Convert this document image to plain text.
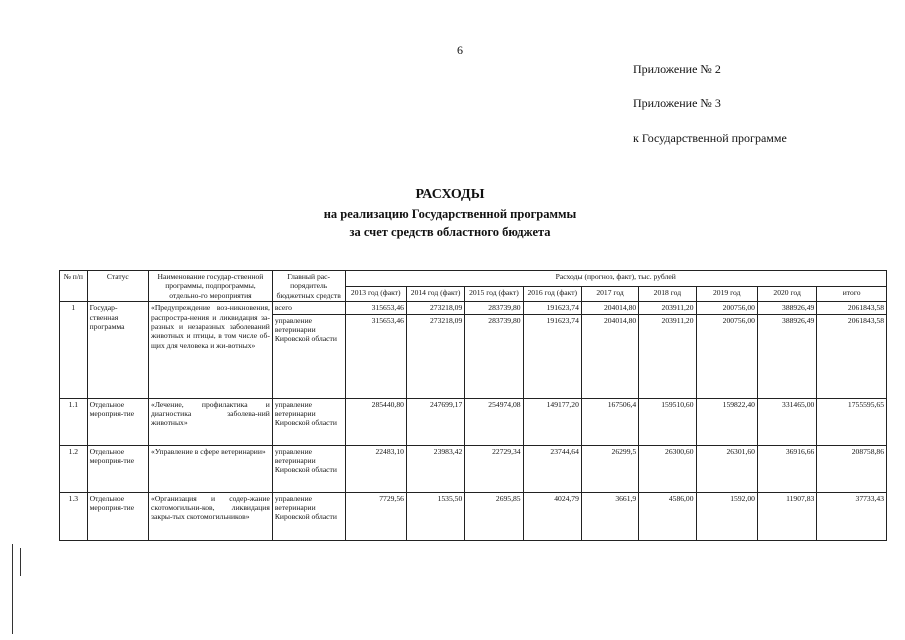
6
Приложение № 2
Приложение № 3
к Государственной программе
РАСХОДЫ
на реализацию Государственной программы
за счет средств областного бюджета
№ п/п	Статус	Наименование государ-ственной программы, подпрограммы, отдельно-го мероприятия	Главный рас-порядитель бюджетных средств	Расходы (прогноз, факт), тыс. рублей								
				2013 год (факт)	2014 год (факт)	2015 год (факт)	2016 год (факт)	2017 год	2018 год	2019 год	2020 год	итого
1	Государ-ственная программа	«Предупреждение воз-никновения, распростра-нения и ликвидация за-разных и незаразных заболеваний животных и птицы, в том числе об-щих для человека и жи-вотных»	всего	315653,46	273218,09	283739,80	191623,74	204014,80	203911,20	200756,00	388926,49	2061843,58
			управление ветеринарии Кировской области	315653,46	273218,09	283739,80	191623,74	204014,80	203911,20	200756,00	388926,49	2061843,58
1.1	Отдельное мероприя-тие	«Лечение, профилактика и диагностика заболева-ний животных»	управление ветеринарии Кировской области	285440,80	247699,17	254974,08	149177,20	167506,4	159510,60	159822,40	331465,00	1755595,65
1.2	Отдельное мероприя-тие	«Управление в сфере ветеринарии»	управление ветеринарии Кировской области	22483,10	23983,42	22729,34	23744,64	26299,5	26300,60	26301,60	36916,66	208758,86
1.3	Отдельное мероприя-тие	«Организация и содер-жание скотомогильни-ков, ликвидация закры-тых скотомогильников»	управление ветеринарии Кировской области	7729,56	1535,50	2695,85	4024,79	3661,9	4586,00	1592,00	11907,83	37733,43
